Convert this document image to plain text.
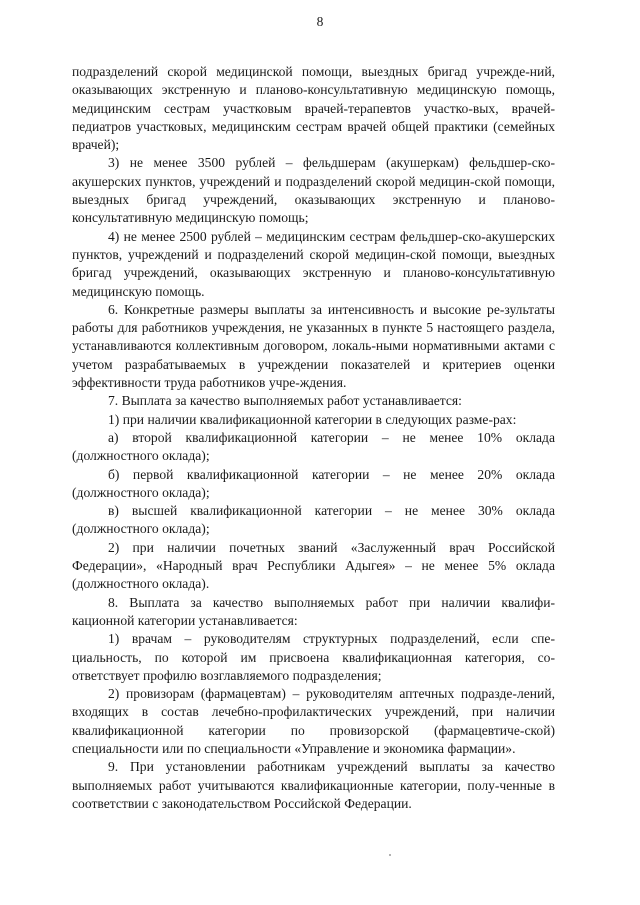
8

подразделений скорой медицинской помощи, выездных бригад учрежде-ний, оказывающих экстренную и планово-консультативную медицинскую помощь, медицинским сестрам участковым врачей-терапевтов участко-вых, врачей-педиатров участковых, медицинским сестрам врачей общей практики (семейных врачей);

3) не менее 3500 рублей – фельдшерам (акушеркам) фельдшер-ско-акушерских пунктов, учреждений и подразделений скорой медицин-ской помощи, выездных бригад учреждений, оказывающих экстренную и планово-консультативную медицинскую помощь;

4) не менее 2500 рублей – медицинским сестрам фельдшер-ско-акушерских пунктов, учреждений и подразделений скорой медицин-ской помощи, выездных бригад учреждений, оказывающих экстренную и планово-консультативную медицинскую помощь.

6. Конкретные размеры выплаты за интенсивность и высокие ре-зультаты работы для работников учреждения, не указанных в пункте 5 настоящего раздела, устанавливаются коллективным договором, локаль-ными нормативными актами с учетом разрабатываемых в учреждении показателей и критериев оценки эффективности труда работников учре-ждения.

7. Выплата за качество выполняемых работ устанавливается:

1) при наличии квалификационной категории в следующих разме-рах:

а) второй квалификационной категории – не менее 10% оклада (должностного оклада);

б) первой квалификационной категории – не менее 20% оклада (должностного оклада);

в) высшей квалификационной категории – не менее 30% оклада (должностного оклада);

2) при наличии почетных званий «Заслуженный врач Российской Федерации», «Народный врач Республики Адыгея» – не менее 5% оклада (должностного оклада).

8. Выплата за качество выполняемых работ при наличии квалифи-кационной категории устанавливается:

1) врачам – руководителям структурных подразделений, если спе-циальность, по которой им присвоена квалификационная категория, со-ответствует профилю возглавляемого подразделения;

2) провизорам (фармацевтам) – руководителям аптечных подразде-лений, входящих в состав лечебно-профилактических учреждений, при наличии квалификационной категории по провизорской (фармацевтиче-ской) специальности или по специальности «Управление и экономика фармации».

9. При установлении работникам учреждений выплаты за качество выполняемых работ учитываются квалификационные категории, полу-ченные в соответствии с законодательством Российской Федерации.
